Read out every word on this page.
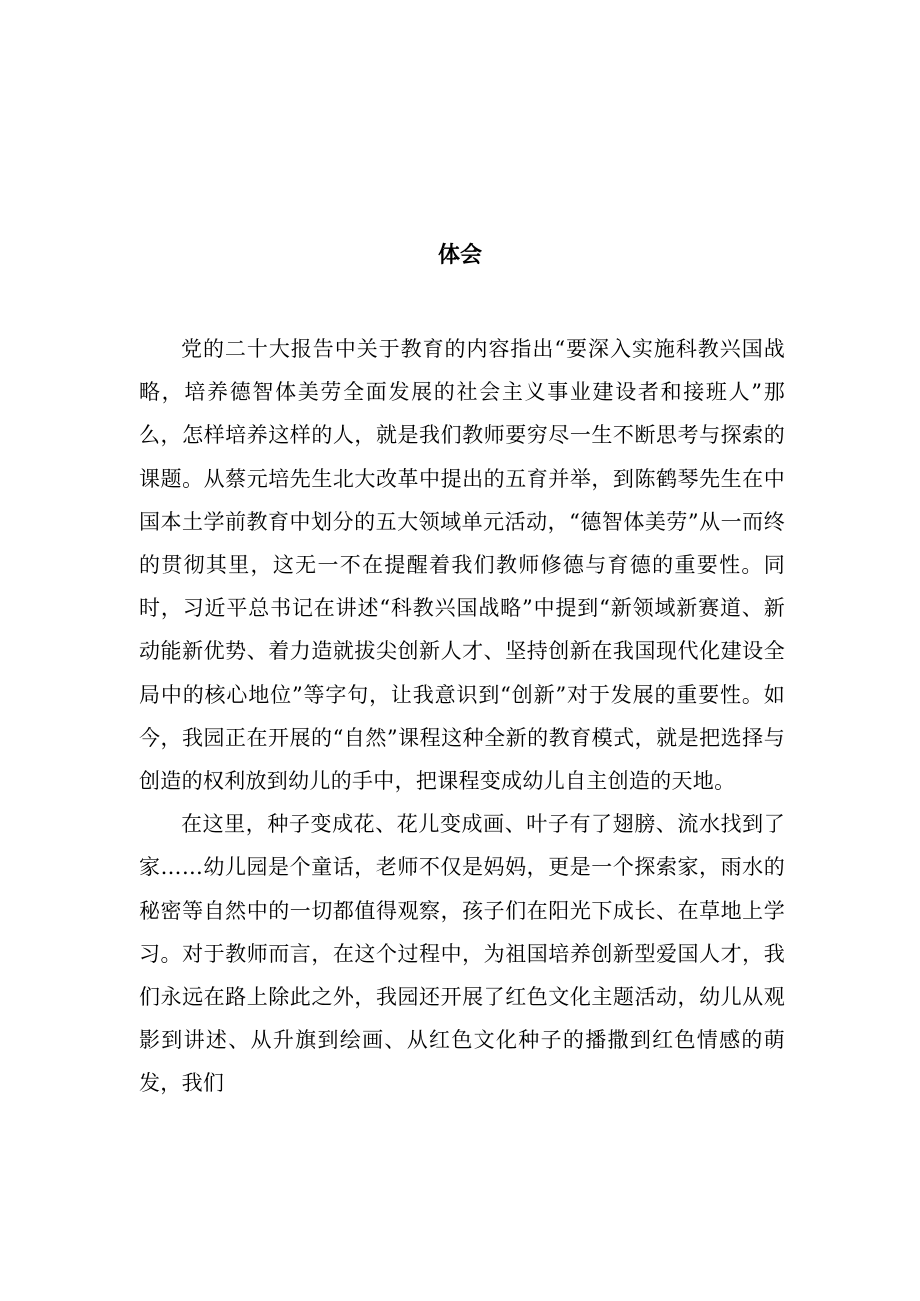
体会

党的二十大报告中关于教育的内容指出“要深入实施科教兴国战略，培养德智体美劳全面发展的社会主义事业建设者和接班人”那么，怎样培养这样的人，就是我们教师要穷尽一生不断思考与探索的课题。从蔡元培先生北大改革中提出的五育并举，到陈鹤琴先生在中国本土学前教育中划分的五大领域单元活动，“德智体美劳”从一而终的贯彻其里，这无一不在提醒着我们教师修德与育德的重要性。同时，习近平总书记在讲述“科教兴国战略”中提到“新领域新赛道、新动能新优势、着力造就拔尖创新人才、坚持创新在我国现代化建设全局中的核心地位”等字句，让我意识到“创新”对于发展的重要性。如今，我园正在开展的“自然”课程这种全新的教育模式，就是把选择与创造的权利放到幼儿的手中，把课程变成幼儿自主创造的天地。

在这里，种子变成花、花儿变成画、叶子有了翅膀、流水找到了家……幼儿园是个童话，老师不仅是妈妈，更是一个探索家，雨水的秘密等自然中的一切都值得观察，孩子们在阳光下成长、在草地上学习。对于教师而言，在这个过程中，为祖国培养创新型爱国人才，我们永远在路上除此之外，我园还开展了红色文化主题活动，幼儿从观影到讲述、从升旗到绘画、从红色文化种子的播撒到红色情感的萌发，我们
